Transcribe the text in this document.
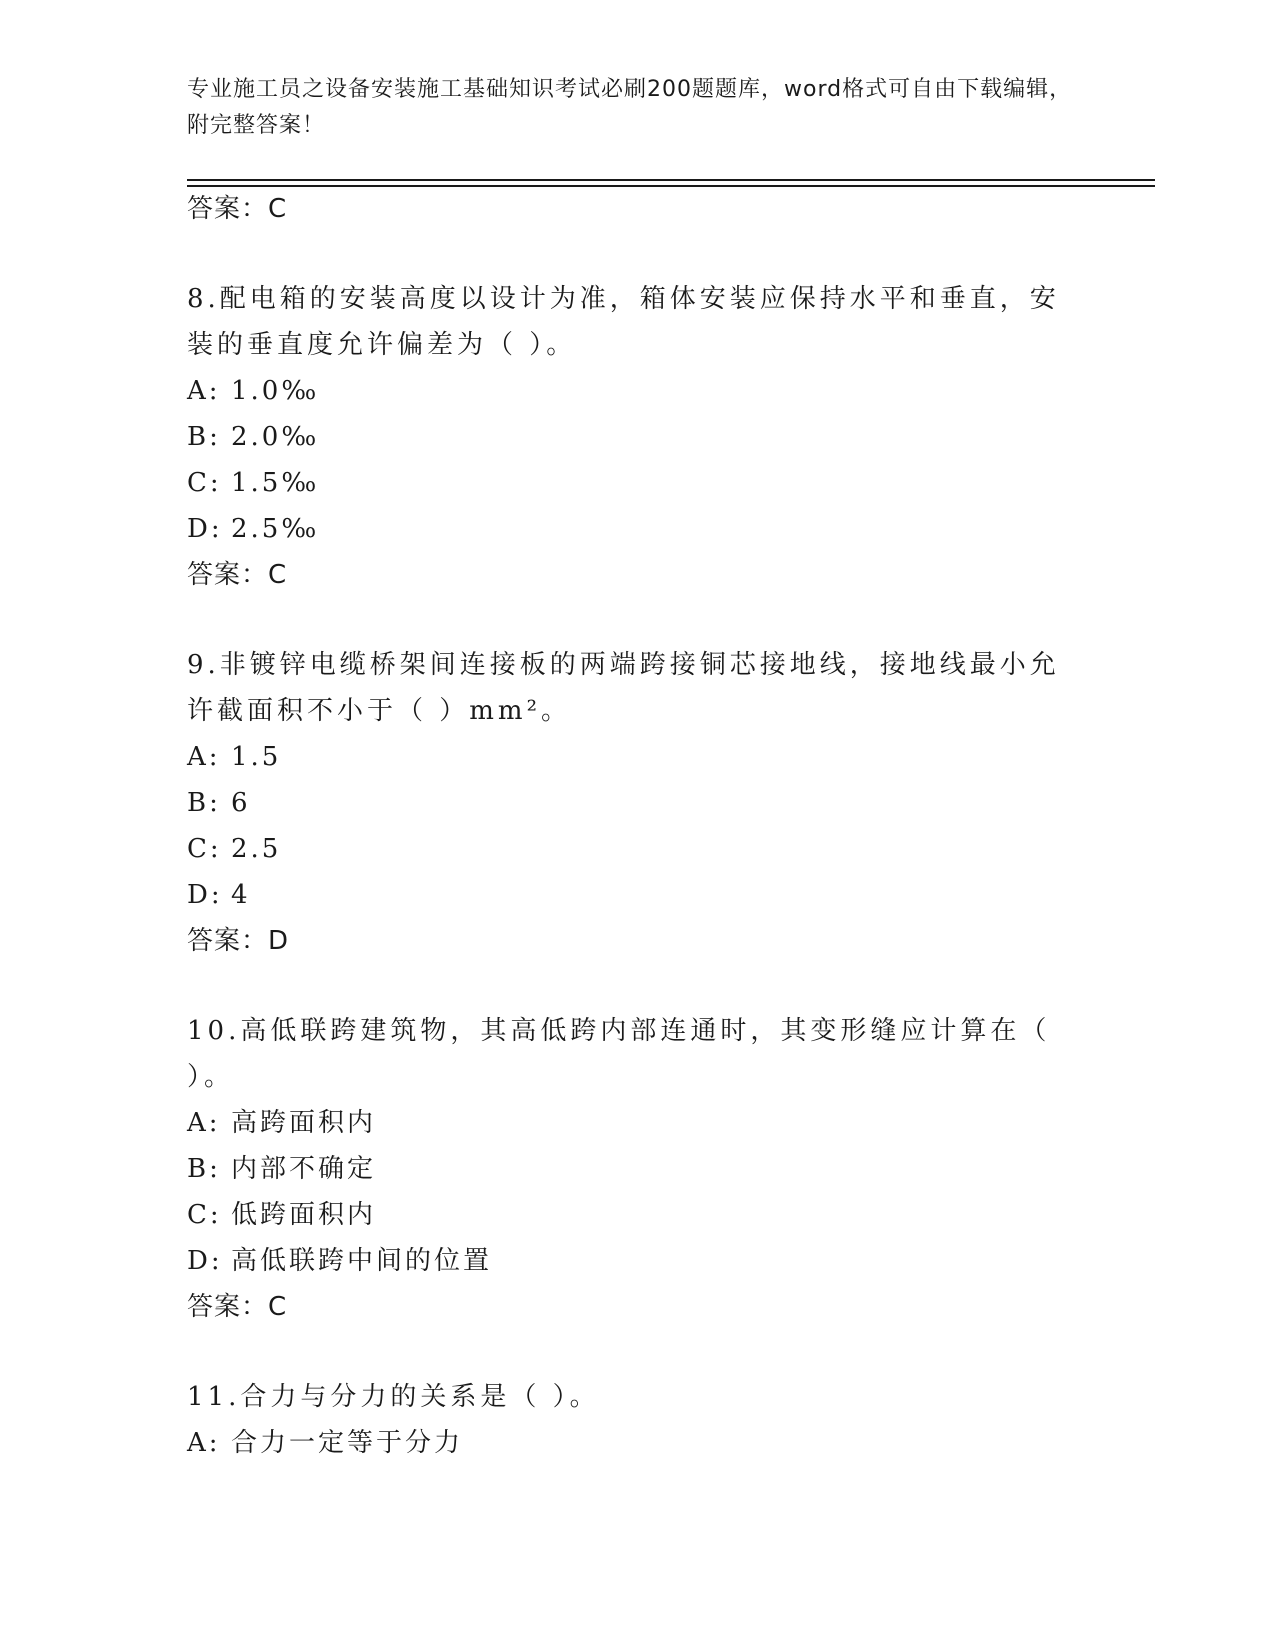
专业施工员之设备安装施工基础知识考试必刷200题题库，word格式可自由下载编辑，附完整答案！
答案：C
8.配电箱的安装高度以设计为准，箱体安装应保持水平和垂直，安装的垂直度允许偏差为（ ）。
A: 1.0‰
B: 2.0‰
C: 1.5‰
D: 2.5‰
答案：C
9.非镀锌电缆桥架间连接板的两端跨接铜芯接地线，接地线最小允许截面积不小于（ ）mm²。
A: 1.5
B: 6
C: 2.5
D: 4
答案：D
10.高低联跨建筑物，其高低跨内部连通时，其变形缝应计算在（ ）。
A: 高跨面积内
B: 内部不确定
C: 低跨面积内
D: 高低联跨中间的位置
答案：C
11.合力与分力的关系是（ ）。
A: 合力一定等于分力
